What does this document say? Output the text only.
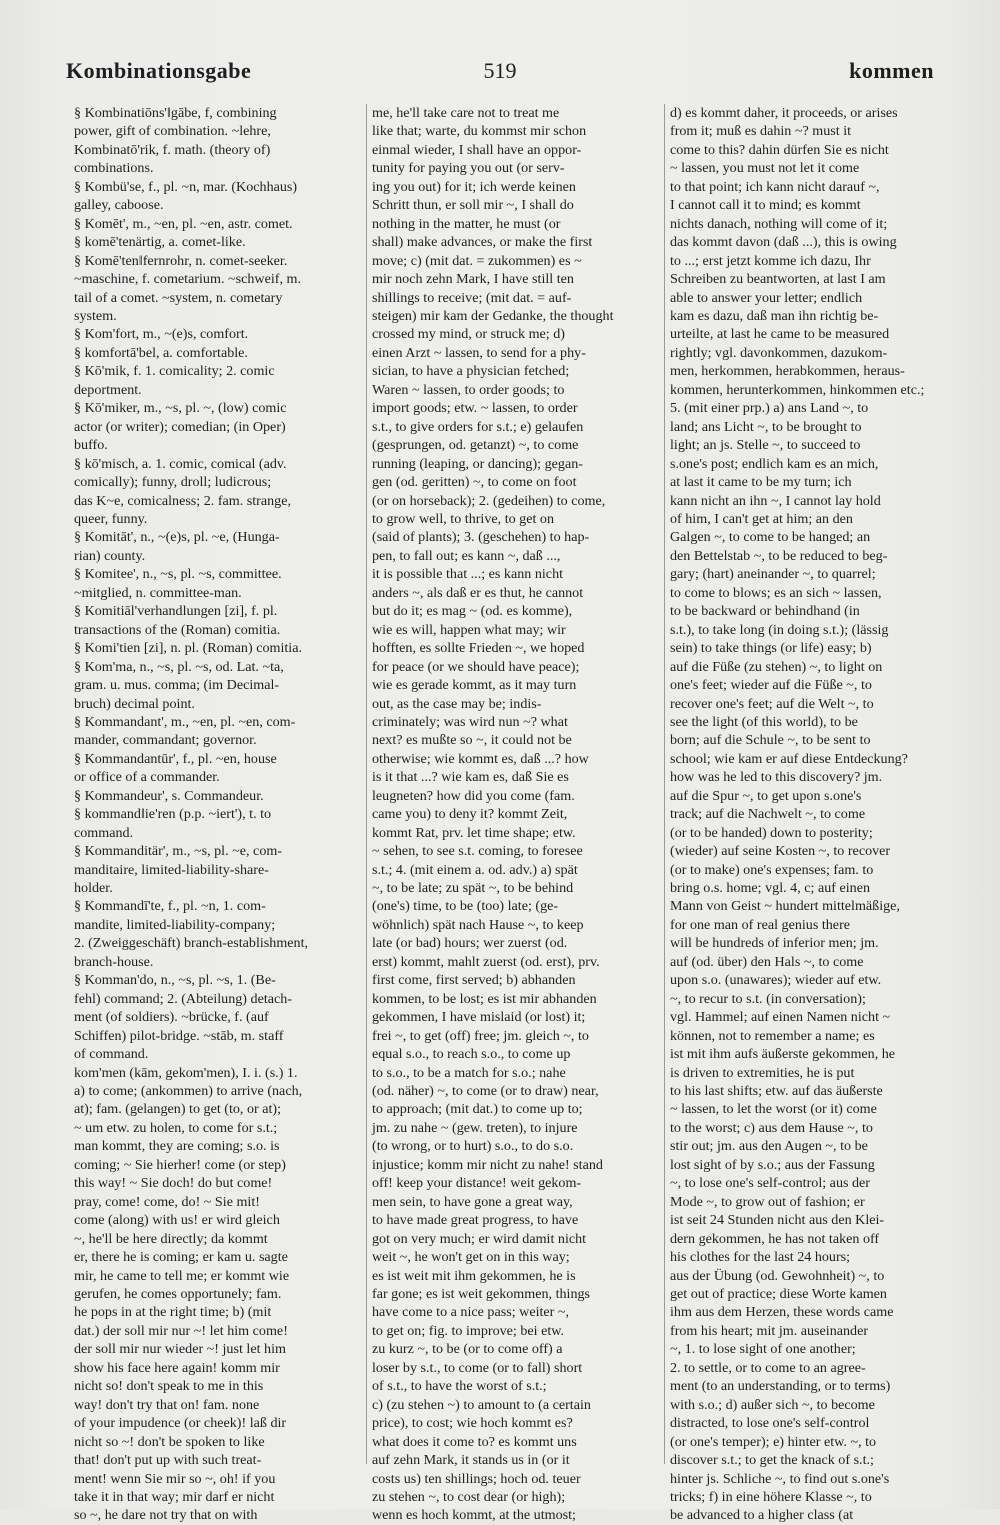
Kombinationsgabe	519	kommen
§ Kombinatiōns'‖gābe, f, combining
power, gift of combination. ~lehre,
Kombinatō'rik, f. math. (theory of)
combinations.
§ Kombü'se, f., pl. ~n, mar. (Kochhaus)
galley, caboose.
§ Komēt', m., ~en, pl. ~en, astr. comet.
§ komē'tenärtig, a. comet-like.
§ Komē'ten‖fernrohr, n. comet-seeker.
~maschine, f. cometarium. ~schweif, m.
tail of a comet. ~system, n. cometary
system.
§ Kom'fort, m., ~(e)s, comfort.
§ komfortā'bel, a. comfortable.
§ Kō'mik, f. 1. comicality; 2. comic
deportment.
§ Kō'miker, m., ~s, pl. ~, (low) comic
actor (or writer); comedian; (in Oper)
buffo.
§ kō'misch, a. 1. comic, comical (adv.
comically); funny, droll; ludicrous;
das K~e, comicalness; 2. fam. strange,
queer, funny.
§ Komitāt', n., ~(e)s, pl. ~e, (Hunga-
rian) county.
§ Komitee', n., ~s, pl. ~s, committee.
~mitglied, n. committee-man.
§ Komitiāl'verhandlungen [zi], f. pl.
transactions of the (Roman) comitia.
§ Komi'tien [zi], n. pl. (Roman) comitia.
§ Kom'ma, n., ~s, pl. ~s, od. Lat. ~ta,
gram. u. mus. comma; (im Decimal-
bruch) decimal point.
§ Kommandant', m., ~en, pl. ~en, com-
mander, commandant; governor.
§ Kommandantūr', f., pl. ~en, house
or office of a commander.
§ Kommandeur', s. Commandeur.
§ kommand‖ie'ren (p.p. ~iert'), t. to
command.
§ Kommanditär', m., ~s, pl. ~e, com-
manditaire, limited-liability-share-
holder.
§ Kommandī'te, f., pl. ~n, 1. com-
mandite, limited-liability-company;
2. (Zweiggeschäft) branch-establishment,
branch-house.
§ Komman'do, n., ~s, pl. ~s, 1. (Be-
fehl) command; 2. (Abteilung) detach-
ment (of soldiers). ~brücke, f. (auf
Schiffen) pilot-bridge. ~stāb, m. staff
of command.
kom'men (kām, gekom'men), I. i. (s.) 1.
a) to come; (ankommen) to arrive (nach,
at); fam. (gelangen) to get (to, or at);
~ um etw. zu holen, to come for s.t.;
man kommt, they are coming; s.o. is
coming; ~ Sie hierher! come (or step)
this way! ~ Sie doch! do but come!
pray, come! come, do! ~ Sie mit!
come (along) with us! er wird gleich
~, he'll be here directly; da kommt
er, there he is coming; er kam u. sagte
mir, he came to tell me; er kommt wie
gerufen, he comes opportunely; fam.
he pops in at the right time; b) (mit
dat.) der soll mir nur ~! let him come!
der soll mir nur wieder ~! just let him
show his face here again! komm mir
nicht so! don't speak to me in this
way! don't try that on! fam. none
of your impudence (or cheek)! laß dir
nicht so ~! don't be spoken to like
that! don't put up with such treat-
ment! wenn Sie mir so ~, oh! if you
take it in that way; mir darf er nicht
so ~, he dare not try that on with
me, he'll take care not to treat me
like that; warte, du kommst mir schon
einmal wieder, I shall have an oppor-
tunity for paying you out (or serv-
ing you out) for it; ich werde keinen
Schritt thun, er soll mir ~, I shall do
nothing in the matter, he must (or
shall) make advances, or make the first
move; c) (mit dat. = zukommen) es ~
mir noch zehn Mark, I have still ten
shillings to receive; (mit dat. = auf-
steigen) mir kam der Gedanke, the thought
crossed my mind, or struck me; d)
einen Arzt ~ lassen, to send for a phy-
sician, to have a physician fetched;
Waren ~ lassen, to order goods; to
import goods; etw. ~ lassen, to order
s.t., to give orders for s.t.; e) gelaufen
(gesprungen, od. getanzt) ~, to come
running (leaping, or dancing); gegan-
gen (od. geritten) ~, to come on foot
(or on horseback); 2. (gedeihen) to come,
to grow well, to thrive, to get on
(said of plants); 3. (geschehen) to hap-
pen, to fall out; es kann ~, daß ...,
it is possible that ...; es kann nicht
anders ~, als daß er es thut, he cannot
but do it; es mag ~ (od. es komme),
wie es will, happen what may; wir
hofften, es sollte Frieden ~, we hoped
for peace (or we should have peace);
wie es gerade kommt, as it may turn
out, as the case may be; indis-
criminately; was wird nun ~? what
next? es mußte so ~, it could not be
otherwise; wie kommt es, daß ...? how
is it that ...? wie kam es, daß Sie es
leugneten? how did you come (fam.
came you) to deny it? kommt Zeit,
kommt Rat, prv. let time shape; etw.
~ sehen, to see s.t. coming, to foresee
s.t.; 4. (mit einem a. od. adv.) a) spät
~, to be late; zu spät ~, to be behind
(one's) time, to be (too) late; (ge-
wöhnlich) spät nach Hause ~, to keep
late (or bad) hours; wer zuerst (od.
erst) kommt, mahlt zuerst (od. erst), prv.
first come, first served; b) abhanden
kommen, to be lost; es ist mir abhanden
gekommen, I have mislaid (or lost) it;
frei ~, to get (off) free; jm. gleich ~, to
equal s.o., to reach s.o., to come up
to s.o., to be a match for s.o.; nahe
(od. näher) ~, to come (or to draw) near,
to approach; (mit dat.) to come up to;
jm. zu nahe ~ (gew. treten), to injure
(to wrong, or to hurt) s.o., to do s.o.
injustice; komm mir nicht zu nahe! stand
off! keep your distance! weit gekom-
men sein, to have gone a great way,
to have made great progress, to have
got on very much; er wird damit nicht
weit ~, he won't get on in this way;
es ist weit mit ihm gekommen, he is
far gone; es ist weit gekommen, things
have come to a nice pass; weiter ~,
to get on; fig. to improve; bei etw.
zu kurz ~, to be (or to come off) a
loser by s.t., to come (or to fall) short
of s.t., to have the worst of s.t.;
c) (zu stehen ~) to amount to (a certain
price), to cost; wie hoch kommt es?
what does it come to? es kommt uns
auf zehn Mark, it stands us in (or it
costs us) ten shillings; hoch od. teuer
zu stehen ~, to cost dear (or high);
wenn es hoch kommt, at the utmost;
d) es kommt daher, it proceeds, or arises
from it; muß es dahin ~? must it
come to this? dahin dürfen Sie es nicht
~ lassen, you must not let it come
to that point; ich kann nicht darauf ~,
I cannot call it to mind; es kommt
nichts danach, nothing will come of it;
das kommt davon (daß ...), this is owing
to ...; erst jetzt komme ich dazu, Ihr
Schreiben zu beantworten, at last I am
able to answer your letter; endlich
kam es dazu, daß man ihn richtig be-
urteilte, at last he came to be measured
rightly; vgl. davonkommen, dazukom-
men, herkommen, herabkommen, heraus-
kommen, herunterkommen, hinkommen etc.;
5. (mit einer prp.) a) ans Land ~, to
land; ans Licht ~, to be brought to
light; an js. Stelle ~, to succeed to
s.one's post; endlich kam es an mich,
at last it came to be my turn; ich
kann nicht an ihn ~, I cannot lay hold
of him, I can't get at him; an den
Galgen ~, to come to be hanged; an
den Bettelstab ~, to be reduced to beg-
gary; (hart) aneinander ~, to quarrel;
to come to blows; es an sich ~ lassen,
to be backward or behindhand (in
s.t.), to take long (in doing s.t.); (lässig
sein) to take things (or life) easy; b)
auf die Füße (zu stehen) ~, to light on
one's feet; wieder auf die Füße ~, to
recover one's feet; auf die Welt ~, to
see the light (of this world), to be
born; auf die Schule ~, to be sent to
school; wie kam er auf diese Entdeckung?
how was he led to this discovery? jm.
auf die Spur ~, to get upon s.one's
track; auf die Nachwelt ~, to come
(or to be handed) down to posterity;
(wieder) auf seine Kosten ~, to recover
(or to make) one's expenses; fam. to
bring o.s. home; vgl. 4, c; auf einen
Mann von Geist ~ hundert mittelmäßige,
for one man of real genius there
will be hundreds of inferior men; jm.
auf (od. über) den Hals ~, to come
upon s.o. (unawares); wieder auf etw.
~, to recur to s.t. (in conversation);
vgl. Hammel; auf einen Namen nicht ~
können, not to remember a name; es
ist mit ihm aufs äußerste gekommen, he
is driven to extremities, he is put
to his last shifts; etw. auf das äußerste
~ lassen, to let the worst (or it) come
to the worst; c) aus dem Hause ~, to
stir out; jm. aus den Augen ~, to be
lost sight of by s.o.; aus der Fassung
~, to lose one's self-control; aus der
Mode ~, to grow out of fashion; er
ist seit 24 Stunden nicht aus den Klei-
dern gekommen, he has not taken off
his clothes for the last 24 hours;
aus der Übung (od. Gewohnheit) ~, to
get out of practice; diese Worte kamen
ihm aus dem Herzen, these words came
from his heart; mit jm. auseinander
~, 1. to lose sight of one another;
2. to settle, or to come to an agree-
ment (to an understanding, or to terms)
with s.o.; d) außer sich ~, to become
distracted, to lose one's self-control
(or one's temper); e) hinter etw. ~, to
discover s.t.; to get the knack of s.t.;
hinter js. Schliche ~, to find out s.one's
tricks; f) in eine höhere Klasse ~, to
be advanced to a higher class (at
